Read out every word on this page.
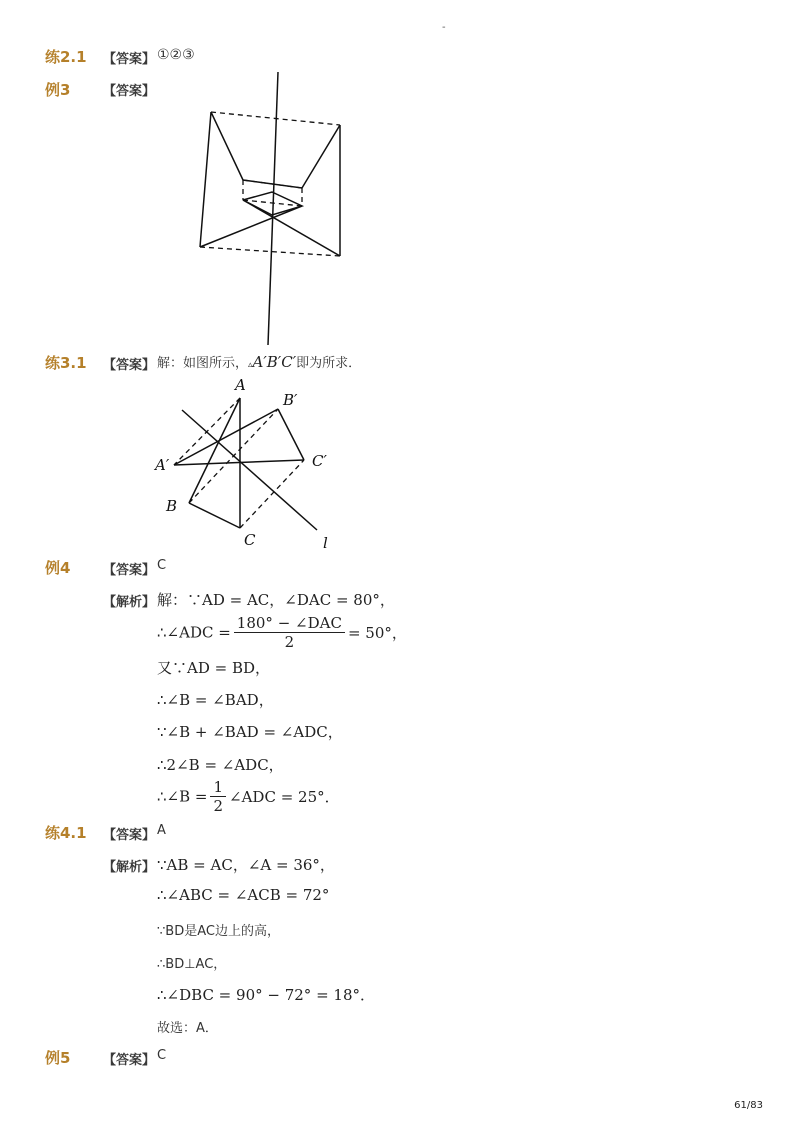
-
练2.1 【答案】 ①②③
例3	【答案】
练3.1 【答案】 解：如图所示，▵A′B′C′即为所求．
A
B′
A′	C′
B
C	l
例4	【答案】 C
【解析】 解：∵AD = AC，∠DAC = 80°，
∴∠ADC = $\frac{\text{180° − ∠DAC}}{2} = 50^\circ$，
又∵AD = BD，
∴∠B = ∠BAD，
∵∠B + ∠BAD = ∠ADC，
∴2∠B = ∠ADC，
∴∠B = $\frac{1}{2}$ ∠ADC = 25°．
练4.1 【答案】 A
【解析】 ∵AB = AC，∠A = 36°，
∴∠ABC = ∠ACB = 72°
∵BD是AC边上的高，
∴BD⊥AC，
∴∠DBC = 90° − 72° = 18°．
故选：A．
例5	【答案】 C
61/83
